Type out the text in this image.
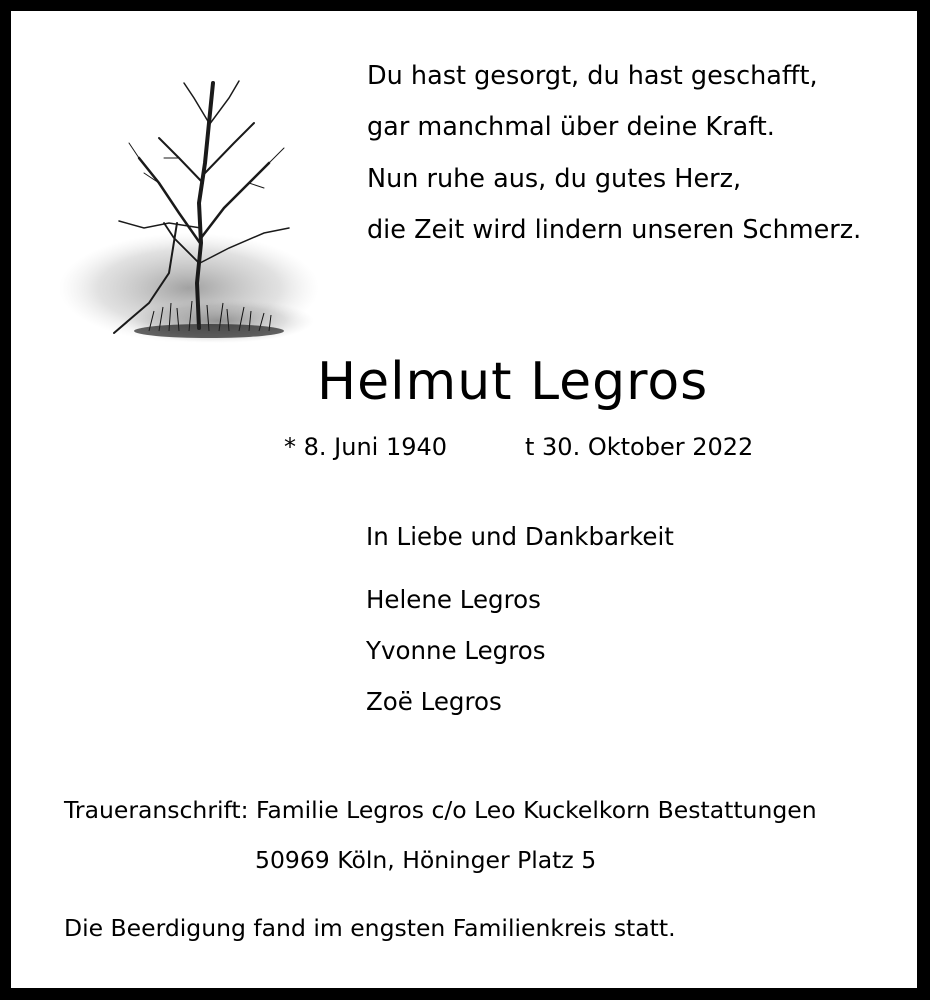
Du hast gesorgt, du hast geschafft,
gar manchmal über deine Kraft.
Nun ruhe aus, du gutes Herz,
die Zeit wird lindern unseren Schmerz.
Helmut Legros
* 8. Juni 1940	t 30. Oktober 2022
In Liebe und Dankbarkeit
Helene Legros
Yvonne Legros
Zoë Legros
Traueranschrift: Familie Legros c/o Leo Kuckelkorn Bestattungen
50969 Köln, Höninger Platz 5
Die Beerdigung fand im engsten Familienkreis statt.
